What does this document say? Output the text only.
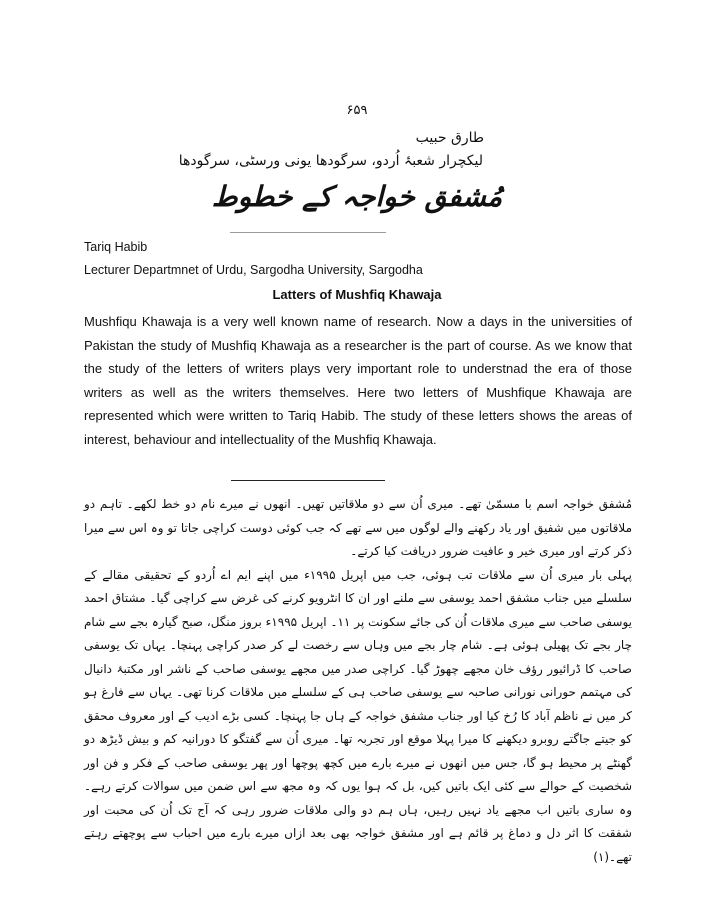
۶۵۹
طارق حبیب
لیکچرار شعبۂ اُردو، سرگودھا یونی ورسٹی، سرگودھا
مُشفق خواجہ کے خطوط
Tariq Habib
Lecturer Departmnet of Urdu, Sargodha University, Sargodha
Latters of Mushfiq Khawaja

Mushfiqu Khawaja is a very well known name of research. Now a days in the universities of Pakistan the study of Mushfiq Khawaja as a researcher is the part of course. As we know that the study of the letters of writers plays very important role to understnad the era of those writers as well as the writers themselves. Here two letters of Mushfique Khawaja are represented which were written to Tariq Habib. The study of these letters shows the areas of interest, behaviour and intellectuality of the Mushfiq Khawaja.

مُشفق خواجہ اسم با مسمّیٰ تھے۔ میری اُن سے دو ملاقاتیں تھیں۔ انھوں نے میرے نام دو خط لکھے۔ تاہم دو ملاقاتوں میں شفیق اور یاد رکھنے والے لوگوں میں سے تھے کہ جب کوئی دوست کراچی جاتا تو وہ اس سے میرا ذکر کرتے اور میری خیر و عافیت ضرور دریافت کیا کرتے۔
پہلی بار میری اُن سے ملاقات تب ہوئی، جب میں اپریل ۱۹۹۵ء میں اپنے ایم اے اُردو کے تحقیقی مقالے کے سلسلے میں جناب مشفق احمد یوسفی سے ملنے اور ان کا انٹرویو کرنے کی غرض سے کراچی گیا۔ مشتاق احمد یوسفی صاحب سے میری ملاقات اُن کی جائے سکونت پر ۱۱۔ اپریل ۱۹۹۵ء بروز منگل، صبح گیارہ بجے سے شام چار بجے تک پھیلی ہوئی ہے۔ شام چار بجے میں وہاں سے رخصت لے کر صدر کراچی پہنچا۔ یہاں تک یوسفی صاحب کا ڈرائیور رؤف خان مجھے چھوڑ گیا۔ کراچی صدر میں مجھے یوسفی صاحب کے ناشر اور مکتبۂ دانیال کی مہتمم حورانی نورانی صاحبہ سے یوسفی صاحب ہی کے سلسلے میں ملاقات کرنا تھی۔ یہاں سے فارغ ہو کر میں نے ناظم آباد کا رُخ کیا اور جناب مشفق خواجہ کے ہاں جا پہنچا۔ کسی بڑے ادیب کے اور معروف محقق کو جیتے جاگتے روبرو دیکھنے کا میرا پہلا موقع اور تجربہ تھا۔ میری اُن سے گفتگو کا دورانیہ کم و بیش ڈیڑھ دو گھنٹے پر محیط ہو گا، جس میں انھوں نے میرے بارے میں کچھ پوچھا اور پھر یوسفی صاحب کے فکر و فن اور شخصیت کے حوالے سے کئی ایک باتیں کیں، بل کہ ہوا یوں کہ وہ مجھ سے اس ضمن میں سوالات کرتے رہے۔ وہ ساری باتیں اب مجھے یاد نہیں رہیں، ہاں ہم دو والی ملاقات ضرور رہی کہ آج تک اُن کی محبت اور شفقت کا اثر دل و دماغ پر قائم ہے اور مشفق خواجہ بھی بعد ازاں میرے بارے میں احباب سے پوچھتے رہتے تھے۔(۱)
